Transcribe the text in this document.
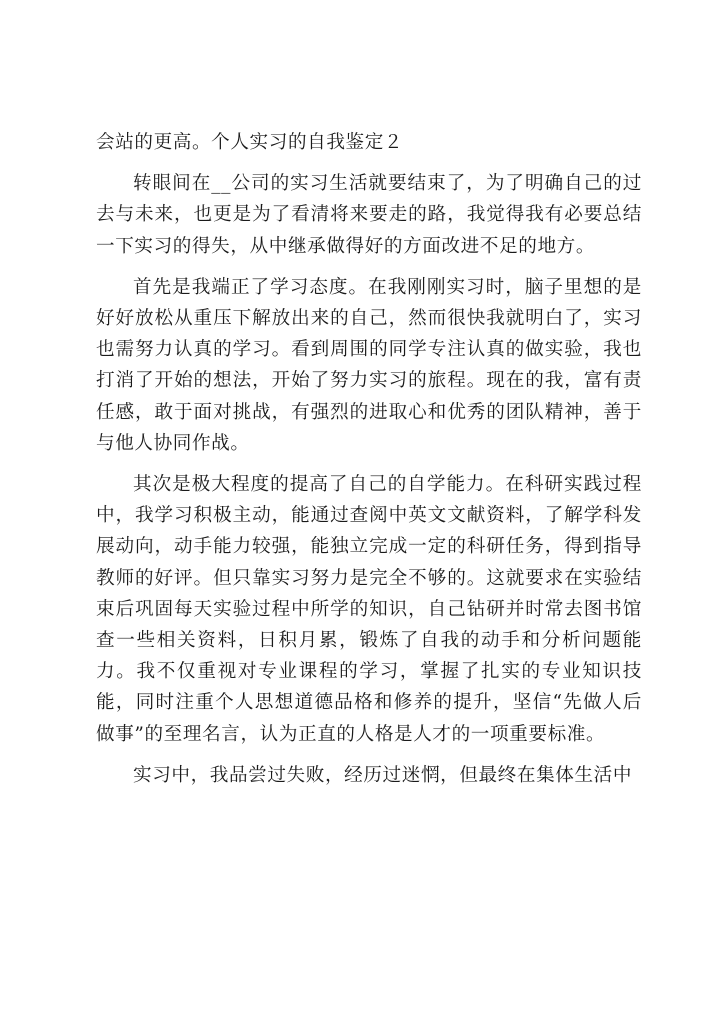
会站的更高。个人实习的自我鉴定２

转眼间在__公司的实习生活就要结束了，为了明确自己的过去与未来，也更是为了看清将来要走的路，我觉得我有必要总结一下实习的得失，从中继承做得好的方面改进不足的地方。

首先是我端正了学习态度。在我刚刚实习时，脑子里想的是好好放松从重压下解放出来的自己，然而很快我就明白了，实习也需努力认真的学习。看到周围的同学专注认真的做实验，我也打消了开始的想法，开始了努力实习的旅程。现在的我，富有责任感，敢于面对挑战，有强烈的进取心和优秀的团队精神，善于与他人协同作战。

其次是极大程度的提高了自己的自学能力。在科研实践过程中，我学习积极主动，能通过查阅中英文文献资料，了解学科发展动向，动手能力较强，能独立完成一定的科研任务，得到指导教师的好评。但只靠实习努力是完全不够的。这就要求在实验结束后巩固每天实验过程中所学的知识，自己钻研并时常去图书馆查一些相关资料，日积月累，锻炼了自我的动手和分析问题能力。我不仅重视对专业课程的学习，掌握了扎实的专业知识技能，同时注重个人思想道德品格和修养的提升，坚信“先做人后做事”的至理名言，认为正直的人格是人才的一项重要标准。

实习中，我品尝过失败，经历过迷惘，但最终在集体生活中
